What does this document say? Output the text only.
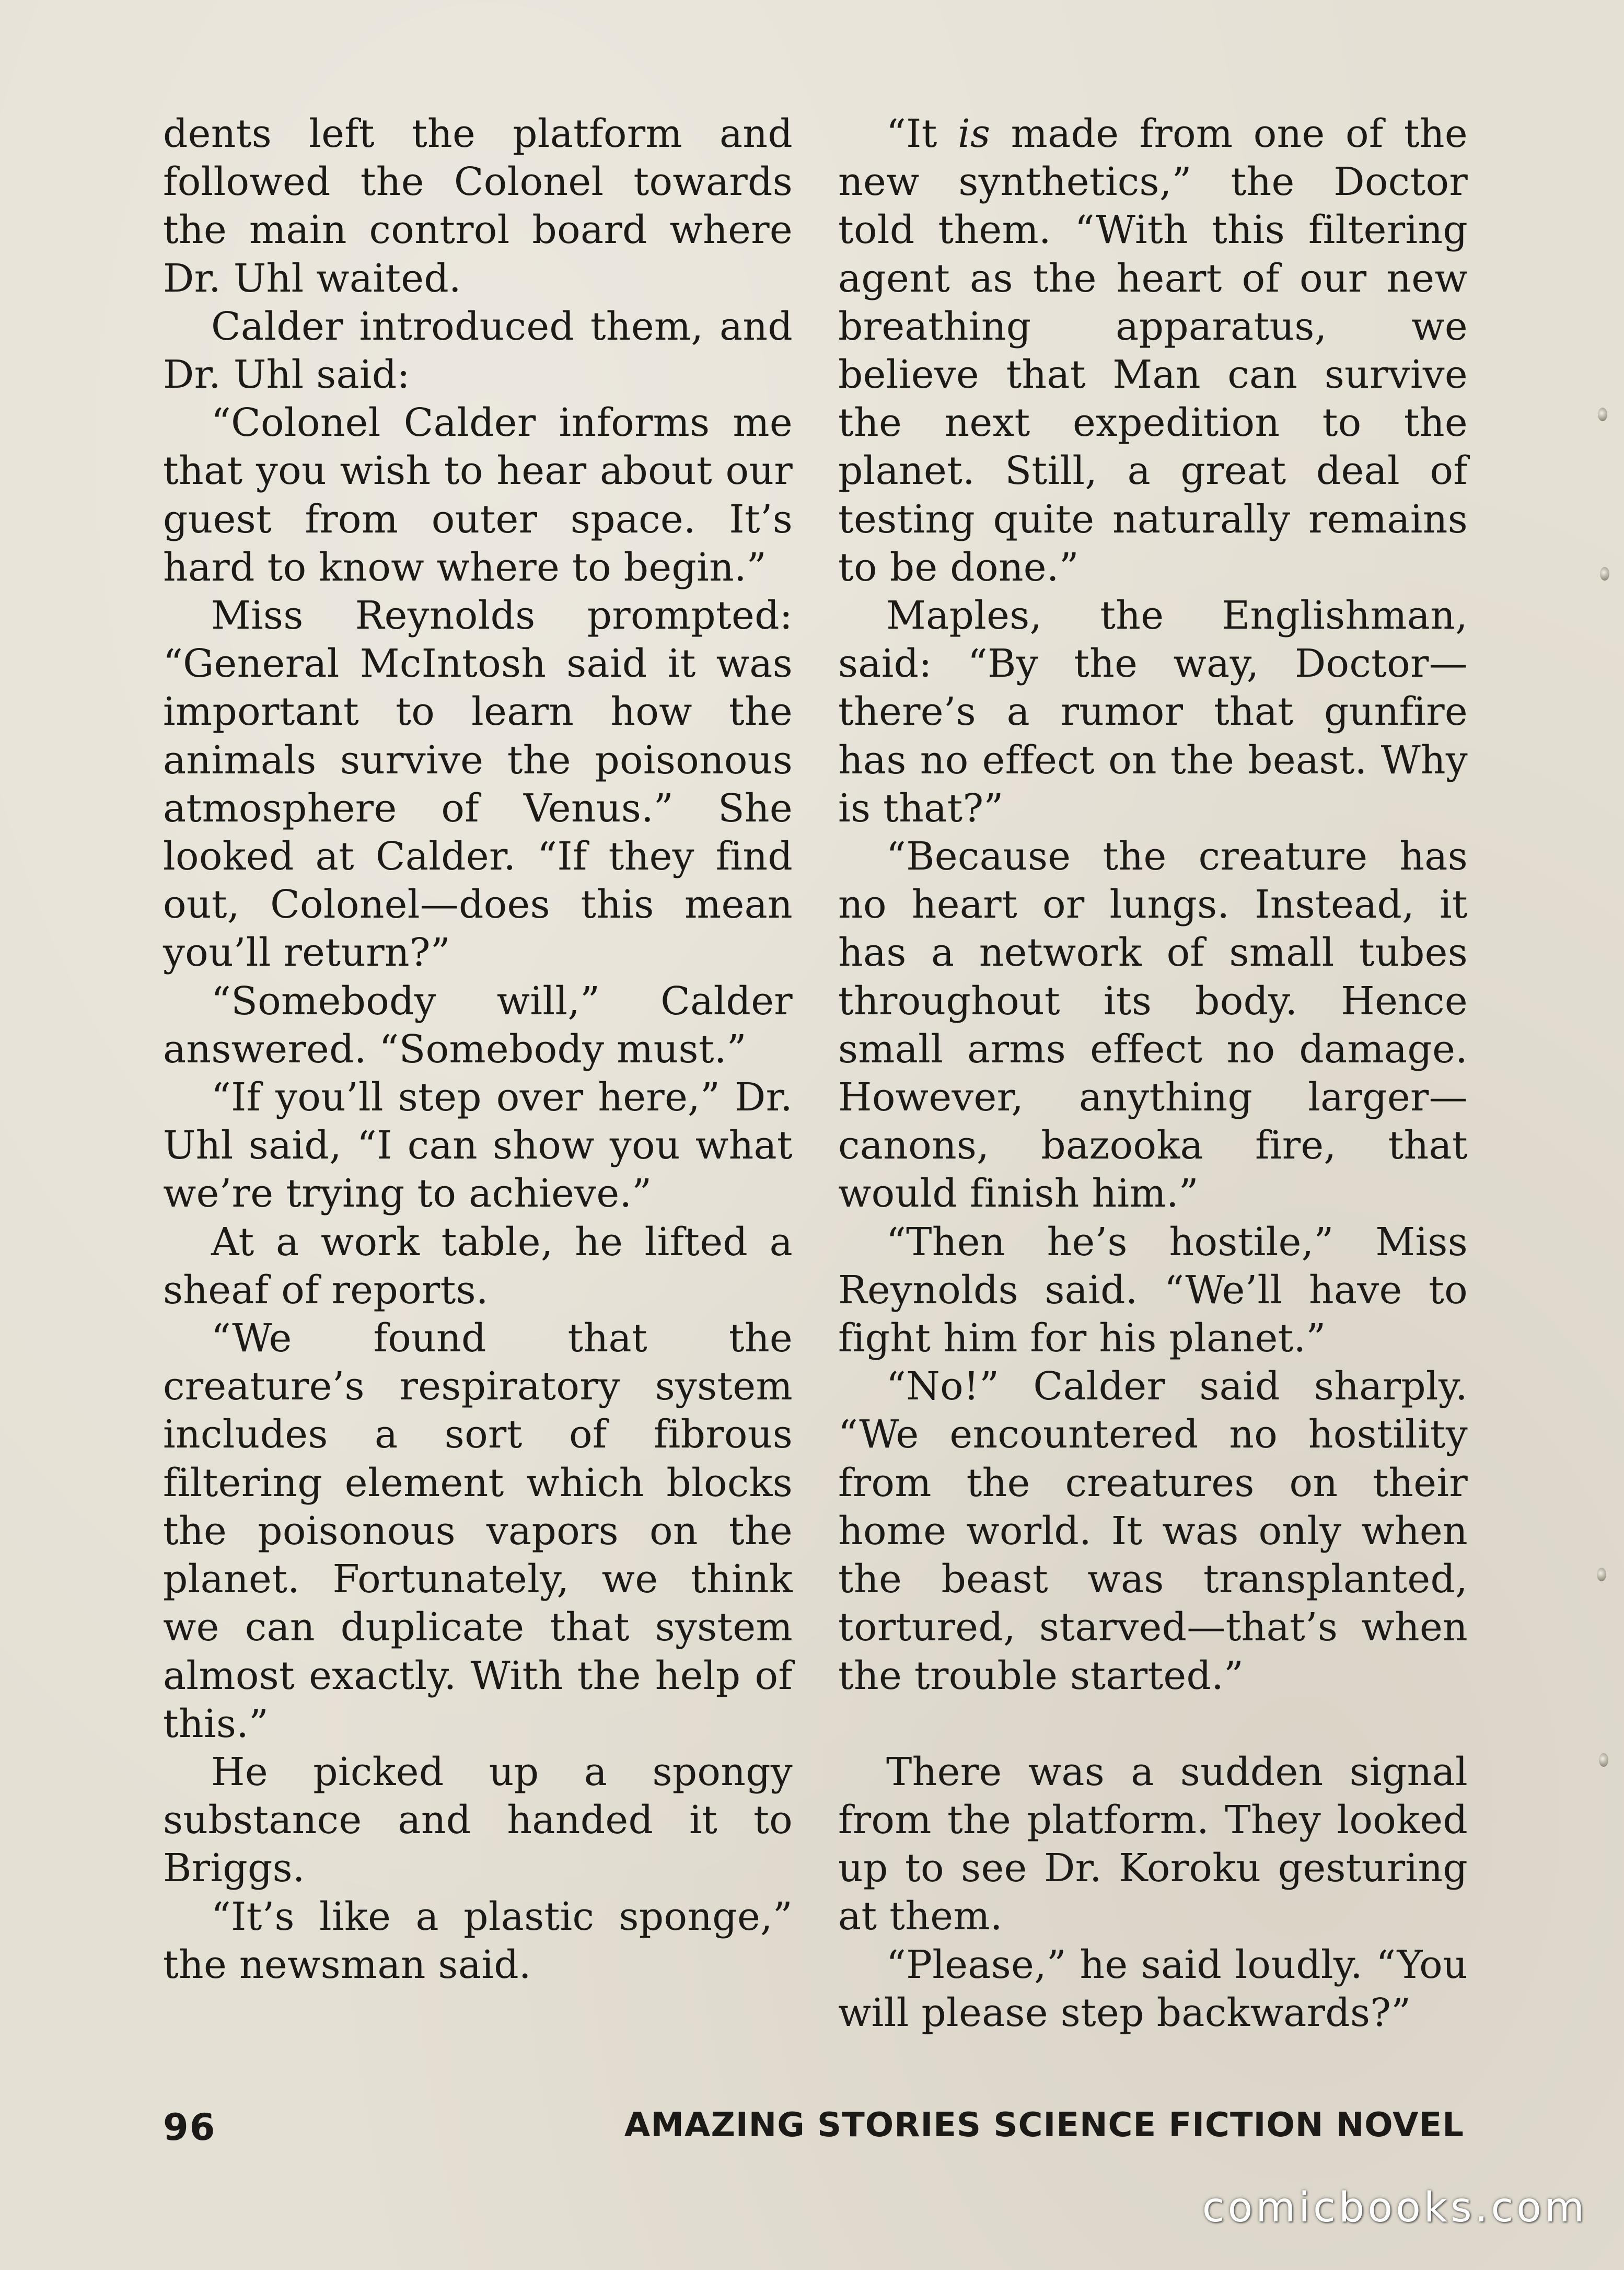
dents left the platform and followed the Colonel towards the main control board where Dr. Uhl waited.

Calder introduced them, and Dr. Uhl said:

“Colonel Calder informs me that you wish to hear about our guest from outer space. It’s hard to know where to begin.”

Miss Reynolds prompted: “General McIntosh said it was important to learn how the animals survive the poisonous atmosphere of Venus.” She looked at Calder. “If they find out, Colonel—does this mean you’ll return?”

“Somebody will,” Calder answered. “Somebody must.”

“If you’ll step over here,” Dr. Uhl said, “I can show you what we’re trying to achieve.”

At a work table, he lifted a sheaf of reports.

“We found that the creature’s respiratory system includes a sort of fibrous filtering element which blocks the poisonous vapors on the planet. Fortunately, we think we can duplicate that system almost exactly. With the help of this.”

He picked up a spongy substance and handed it to Briggs.

“It’s like a plastic sponge,” the newsman said.

“It is made from one of the new synthetics,” the Doctor told them. “With this filtering agent as the heart of our new breathing apparatus, we believe that Man can survive the next expedition to the planet. Still, a great deal of testing quite naturally remains to be done.”

Maples, the Englishman, said: “By the way, Doctor—there’s a rumor that gunfire has no effect on the beast. Why is that?”

“Because the creature has no heart or lungs. Instead, it has a network of small tubes throughout its body. Hence small arms effect no damage. However, anything larger—canons, bazooka fire, that would finish him.”

“Then he’s hostile,” Miss Reynolds said. “We’ll have to fight him for his planet.”

“No!” Calder said sharply. “We encountered no hostility from the creatures on their home world. It was only when the beast was transplanted, tortured, starved—that’s when the trouble started.”

There was a sudden signal from the platform. They looked up to see Dr. Koroku gesturing at them.

“Please,” he said loudly. “You will please step backwards?”

96	AMAZING STORIES SCIENCE FICTION NOVEL
comicbooks.com
